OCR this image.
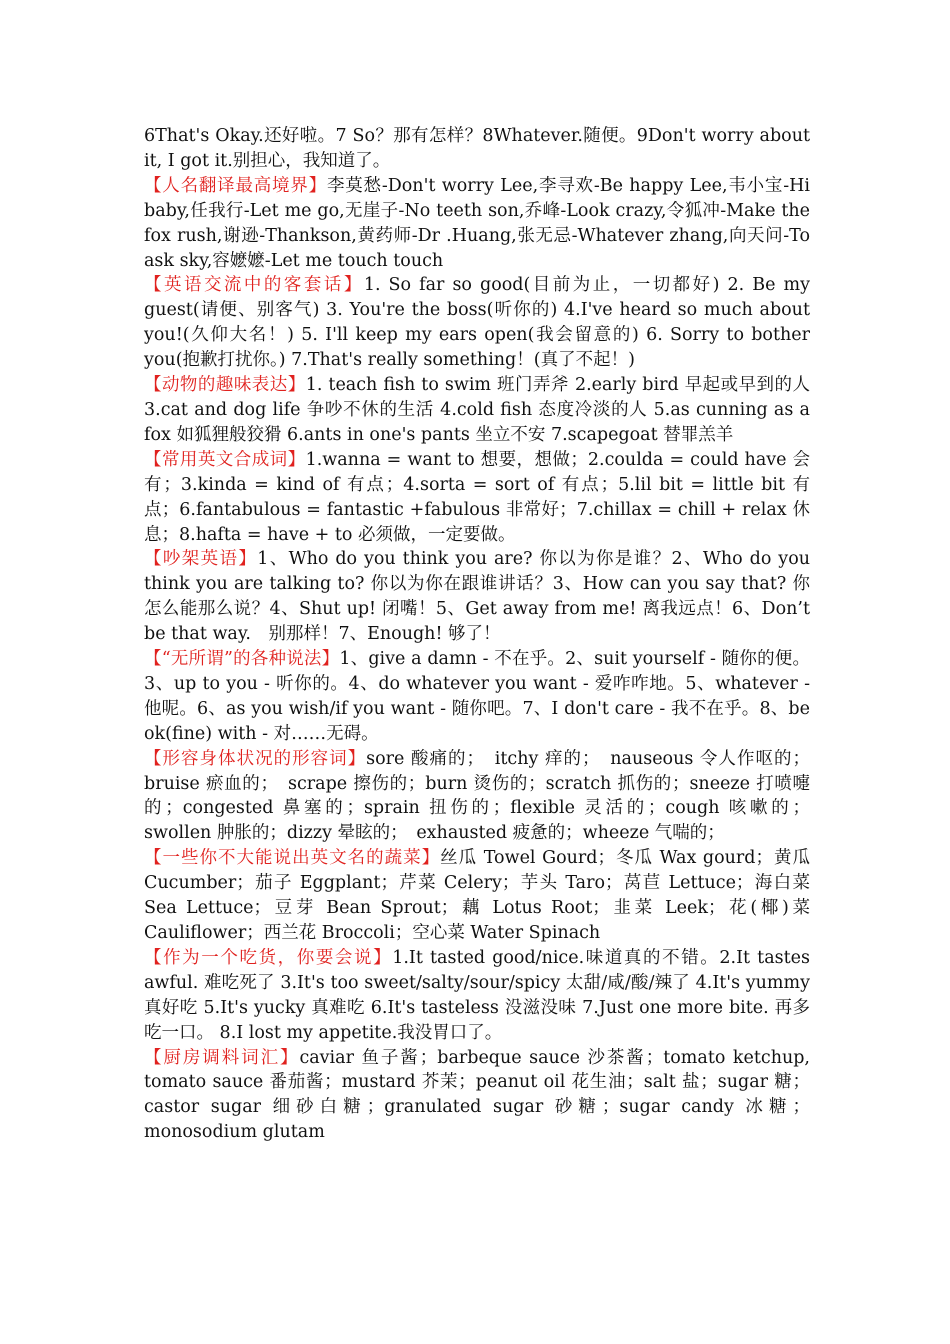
6That's Okay.还好啦。7 So？那有怎样？8Whatever.随便。9Don't worry about it, I got it.别担心，我知道了。

【人名翻译最高境界】李莫愁-Don't worry Lee,李寻欢-Be happy Lee,韦小宝-Hi baby,任我行-Let me go,无崖子-No teeth son,乔峰-Look crazy,令狐冲-Make the fox rush,谢逊-Thankson,黄药师-Dr .Huang,张无忌-Whatever zhang,向天问-To ask sky,容嬷嬷-Let me touch touch

【英语交流中的客套话】1. So far so good(目前为止，一切都好) 2. Be my guest(请便、别客气) 3. You're the boss(听你的) 4.I've heard so much about you!(久仰大名！) 5. I'll keep my ears open(我会留意的) 6. Sorry to bother you(抱歉打扰你。) 7.That's really something！(真了不起！)

【动物的趣味表达】1. teach fish to swim 班门弄斧 2.early bird 早起或早到的人 3.cat and dog life 争吵不休的生活 4.cold fish 态度冷淡的人 5.as cunning as a fox 如狐狸般狡猾 6.ants in one's pants 坐立不安 7.scapegoat 替罪羔羊

【常用英文合成词】1.wanna = want to 想要，想做；2.coulda = could have 会有；3.kinda = kind of 有点；4.sorta = sort of 有点；5.lil bit = little bit 有点；6.fantabulous = fantastic +fabulous 非常好；7.chillax = chill + relax 休息；8.hafta = have + to 必须做，一定要做。

【吵架英语】1、Who do you think you are? 你以为你是谁？2、Who do you think you are talking to? 你以为你在跟谁讲话？3、How can you say that? 你怎么能那么说？4、Shut up! 闭嘴！5、Get away from me! 离我远点！6、Don’t be that way.　别那样！7、Enough! 够了！

【“无所谓”的各种说法】1、give a damn - 不在乎。2、suit yourself - 随你的便。3、up to you - 听你的。4、do whatever you want - 爱咋咋地。5、whatever - 他呢。6、as you wish/if you want - 随你吧。7、I don't care - 我不在乎。8、be ok(fine) with - 对……无碍。

【形容身体状况的形容词】sore 酸痛的；　itchy 痒的；　nauseous 令人作呕的；bruise 瘀血的；　scrape 擦伤的；burn 烫伤的；scratch 抓伤的；sneeze 打喷嚏的；congested 鼻塞的；sprain 扭伤的；flexible 灵活的；cough 咳嗽的；swollen 肿胀的；dizzy 晕眩的；　exhausted 疲惫的；wheeze 气喘的；

【一些你不大能说出英文名的蔬菜】丝瓜 Towel Gourd；冬瓜 Wax gourd；黄瓜 Cucumber；茄子 Eggplant；芹菜 Celery；芋头 Taro；莴苣 Lettuce；海白菜 Sea Lettuce；豆芽 Bean Sprout；藕 Lotus Root；韭菜 Leek；花(椰)菜 Cauliflower；西兰花 Broccoli；空心菜 Water Spinach

【作为一个吃货，你要会说】1.It tasted good/nice.味道真的不错。2.It tastes awful. 难吃死了 3.It's too sweet/salty/sour/spicy 太甜/咸/酸/辣了 4.It's yummy 真好吃 5.It's yucky 真难吃 6.It's tasteless 没滋没味 7.Just one more bite. 再多吃一口。 8.I lost my appetite.我没胃口了。

【厨房调料词汇】caviar 鱼子酱；barbeque sauce 沙茶酱；tomato ketchup, tomato sauce 番茄酱；mustard 芥茉；peanut oil 花生油；salt 盐；sugar 糖；castor sugar 细砂白糖；granulated sugar 砂糖；sugar candy 冰糖；monosodium glutam
